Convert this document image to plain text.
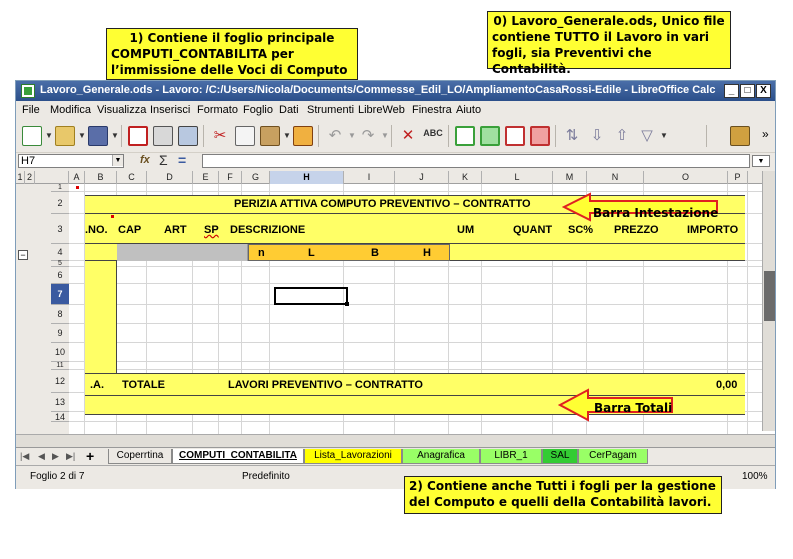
1) Contiene il foglio principale
COMPUTI_CONTABILITA per
l’immissione delle Voci di Computo
0) Lavoro_Generale.ods, Unico file
contiene TUTTO il Lavoro in vari
fogli, sia Preventivi che Contabilità.
2) Contiene anche Tutti i fogli per la gestione
del Computo e quelli della Contabilità lavori.
Lavoro_Generale.ods - Lavoro: /C:/Users/Nicola/Documents/Commesse_Edil_LO/AmpliamentoCasaRossi-Edile - LibreOffice Calc	_	□ X
File Modifica Visualizza Inserisci Formato Foglio Dati Strumenti LibreWeb Finestra Aiuto
▼	▼	▼	✂	▼	↶ ▼ ↷ ▼ ✕ ABC	⇅ ⇩ ⇧ ▽ ▼	»
H7	▼ fx Σ =	▼
1 2	A	B	C	D	E	F	G	H	I	J	K	L	M	N	O	P
1
2
3
4
5
6
7
8
9
10
11
12
13
14
PERIZIA ATTIVA COMPUTO PREVENTIVO – CONTRATTO
.NO. CAP ART SP DESCRIZIONE	UM	QUANT SC% PREZZO	IMPORTO
n	L	B	H
.A. TOTALE	LAVORI PREVENTIVO – CONTRATTO	0,00
−
|◀ ◀ ▶ ▶| +	Coperrtina	COMPUTI_CONTABILITA	Lista_Lavorazioni	Anagrafica	LIBR_1	SAL	CerPagam
Foglio 2 di 7	Predefinito	100%
Barra Intestazione
Barra Totali
